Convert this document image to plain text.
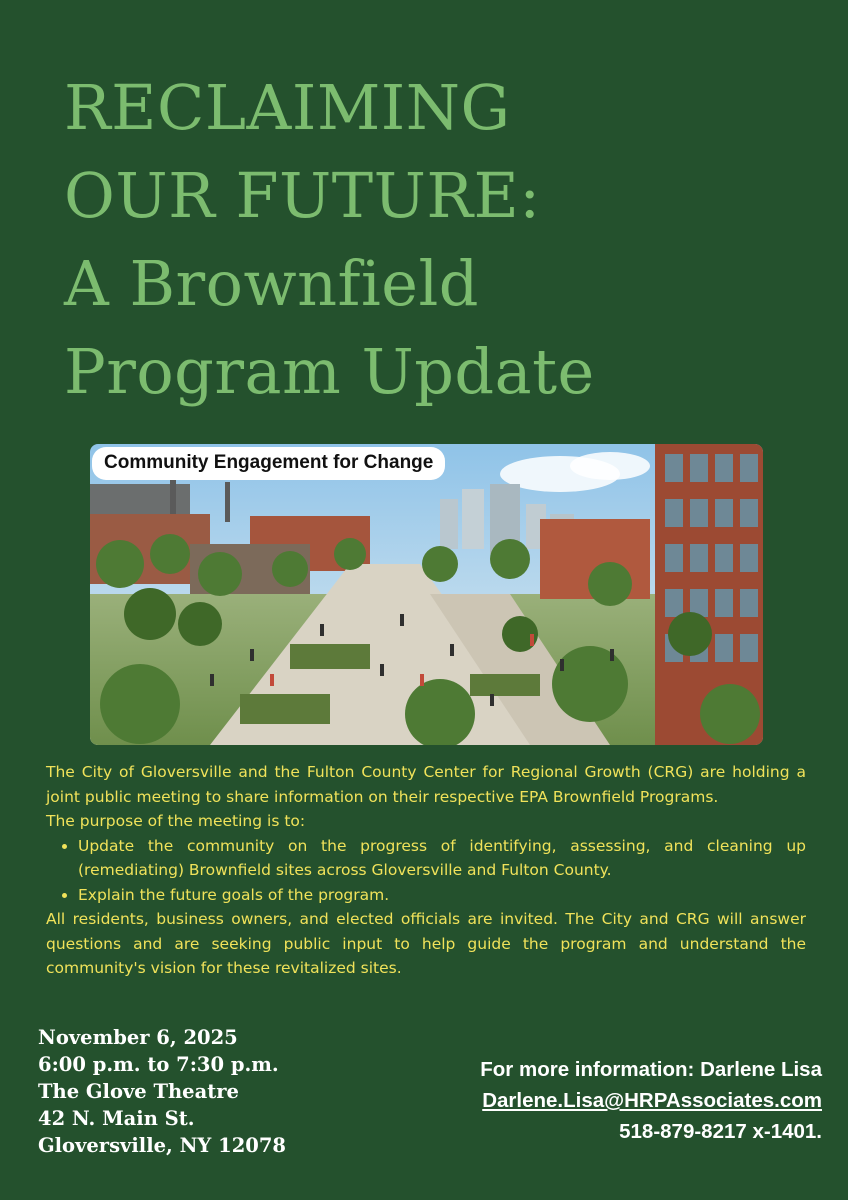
RECLAIMING
OUR FUTURE:
A Brownfield
Program Update
Community Engagement for Change

The City of Gloversville and the Fulton County Center for Regional Growth (CRG) are holding a joint public meeting to share information on their respective EPA Brownfield Programs.

The purpose of the meeting is to:

• Update the community on the progress of identifying, assessing, and cleaning up (remediating) Brownfield sites across Gloversville and Fulton County.
• Explain the future goals of the program.

All residents, business owners, and elected officials are invited. The City and CRG will answer questions and are seeking public input to help guide the program and understand the community's vision for these revitalized sites.

November 6, 2025
6:00 p.m. to 7:30 p.m.
The Glove Theatre
42 N. Main St.
Gloversville, NY 12078
For more information: Darlene Lisa
Darlene.Lisa@HRPAssociates.com
518-879-8217 x-1401.
